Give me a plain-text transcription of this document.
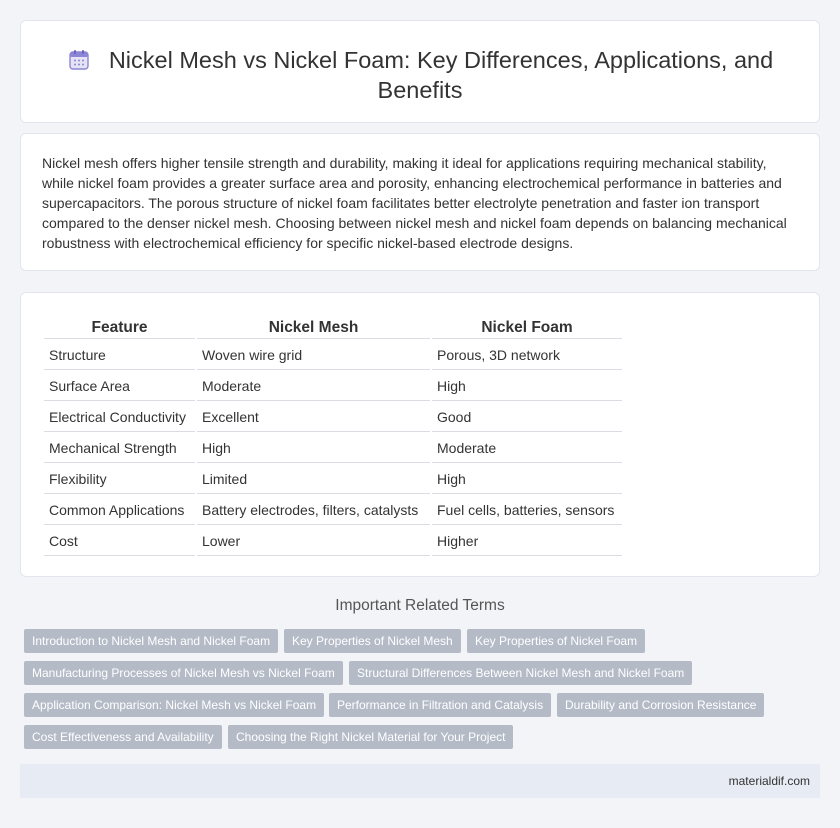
Nickel Mesh vs Nickel Foam: Key Differences, Applications, and Benefits

Nickel mesh offers higher tensile strength and durability, making it ideal for applications requiring mechanical stability, while nickel foam provides a greater surface area and porosity, enhancing electrochemical performance in batteries and supercapacitors. The porous structure of nickel foam facilitates better electrolyte penetration and faster ion transport compared to the denser nickel mesh. Choosing between nickel mesh and nickel foam depends on balancing mechanical robustness with electrochemical efficiency for specific nickel-based electrode designs.

Feature	Nickel Mesh	Nickel Foam
Structure	Woven wire grid	Porous, 3D network
Surface Area	Moderate	High
Electrical Conductivity	Excellent	Good
Mechanical Strength	High	Moderate
Flexibility	Limited	High
Common Applications	Battery electrodes, filters, catalysts	Fuel cells, batteries, sensors
Cost	Lower	Higher
Important Related Terms
Introduction to Nickel Mesh and Nickel Foam	Key Properties of Nickel Mesh	Key Properties of Nickel Foam
Manufacturing Processes of Nickel Mesh vs Nickel Foam	Structural Differences Between Nickel Mesh and Nickel Foam
Application Comparison: Nickel Mesh vs Nickel Foam	Performance in Filtration and Catalysis	Durability and Corrosion Resistance
Cost Effectiveness and Availability	Choosing the Right Nickel Material for Your Project
materialdif.com
